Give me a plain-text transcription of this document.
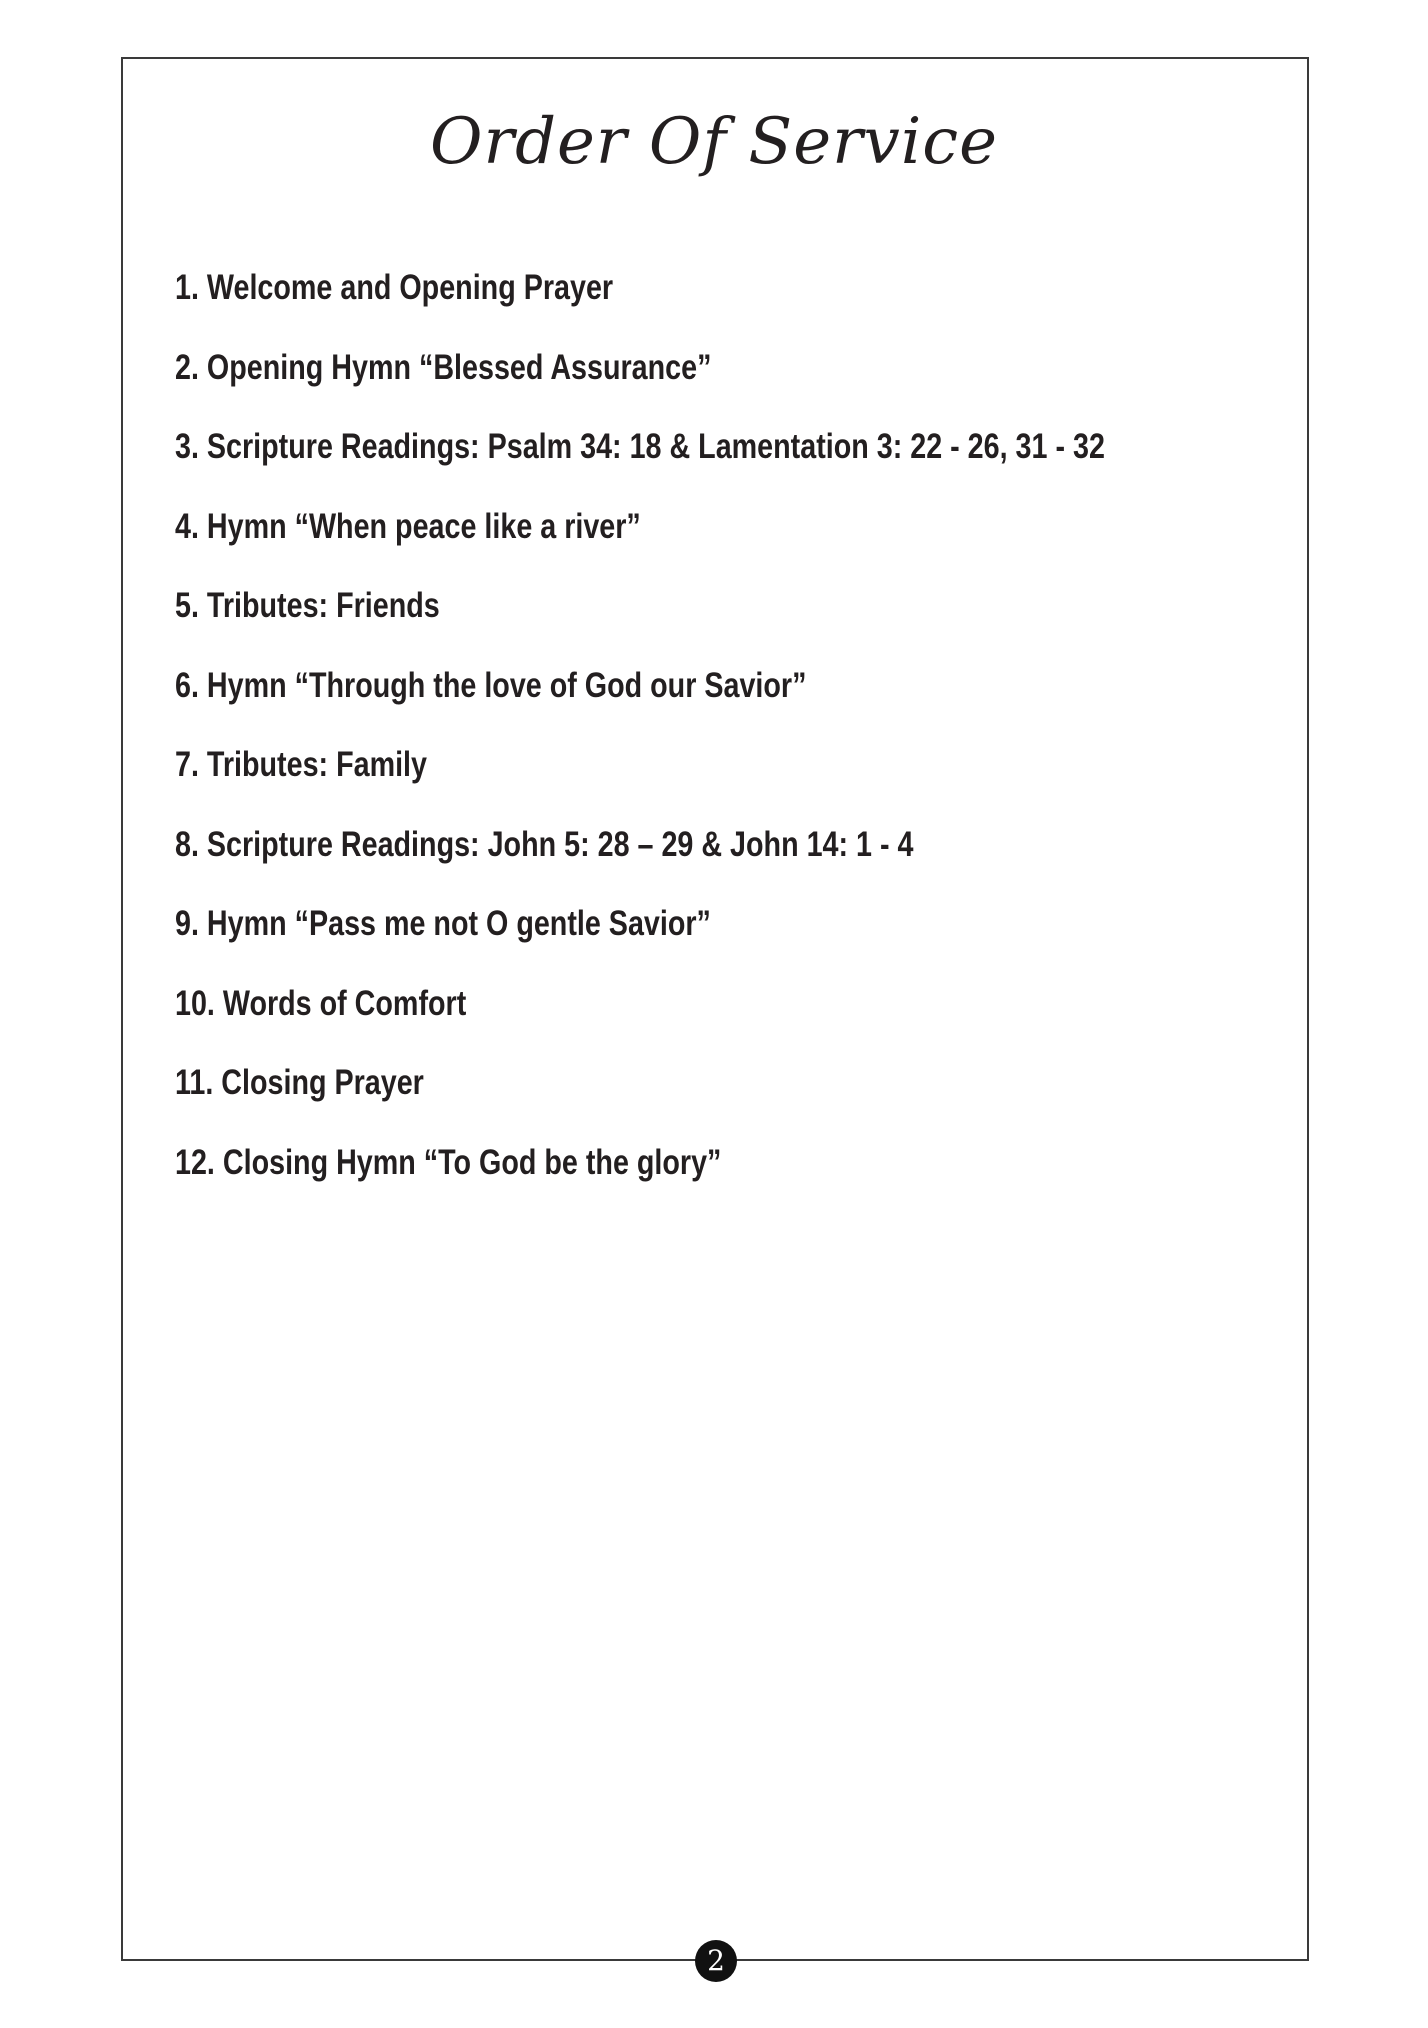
Order Of Service
1. Welcome and Opening Prayer
2. Opening Hymn “Blessed Assurance”
3. Scripture Readings: Psalm 34: 18 & Lamentation 3: 22 - 26, 31 - 32
4. Hymn “When peace like a river”
5. Tributes: Friends
6. Hymn “Through the love of God our Savior”
7. Tributes: Family
8. Scripture Readings: John 5: 28 – 29 & John 14: 1 - 4
9. Hymn “Pass me not O gentle Savior”
10. Words of Comfort
11. Closing Prayer
12. Closing Hymn “To God be the glory”
2
